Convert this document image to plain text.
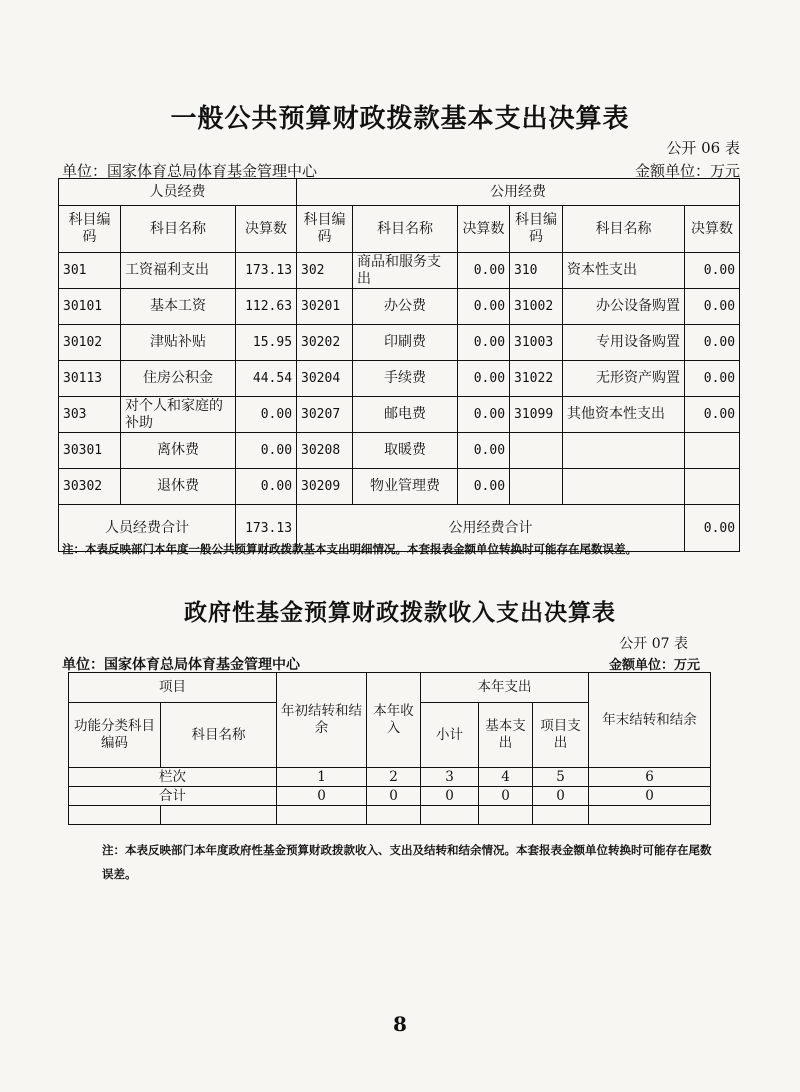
一般公共预算财政拨款基本支出决算表
公开 06 表
单位：国家体育总局体育基金管理中心	金额单位：万元
人员经费			公用经费					
科目编码	科目名称	决算数	科目编码	科目名称	决算数	科目编码	科目名称	决算数
301	工资福利支出	173.13	302	商品和服务支出	0.00	310	资本性支出	0.00
30101	基本工资	112.63	30201	办公费	0.00	31002	办公设备购置	0.00
30102	津贴补贴	15.95	30202	印刷费	0.00	31003	专用设备购置	0.00
30113	住房公积金	44.54	30204	手续费	0.00	31022	无形资产购置	0.00
303	对个人和家庭的补助	0.00	30207	邮电费	0.00	31099	其他资本性支出	0.00
30301	离休费	0.00	30208	取暖费	0.00			
30302	退休费	0.00	30209	物业管理费	0.00			
人员经费合计		173.13	公用经费合计					0.00
注：本表反映部门本年度一般公共预算财政拨款基本支出明细情况。本套报表金额单位转换时可能存在尾数误差。
政府性基金预算财政拨款收入支出决算表
公开 07 表
单位：国家体育总局体育基金管理中心	金额单位：万元
项目		年初结转和结余	本年收入	本年支出			年末结转和结余
功能分类科目编码	科目名称			小计	基本支出	项目支出	
栏次		1	2	3	4	5	6
合计		0	0	0	0	0	0

注：本表反映部门本年度政府性基金预算财政拨款收入、支出及结转和结余情况。本套报表金额单位转换时可能存在尾数误差。
8
